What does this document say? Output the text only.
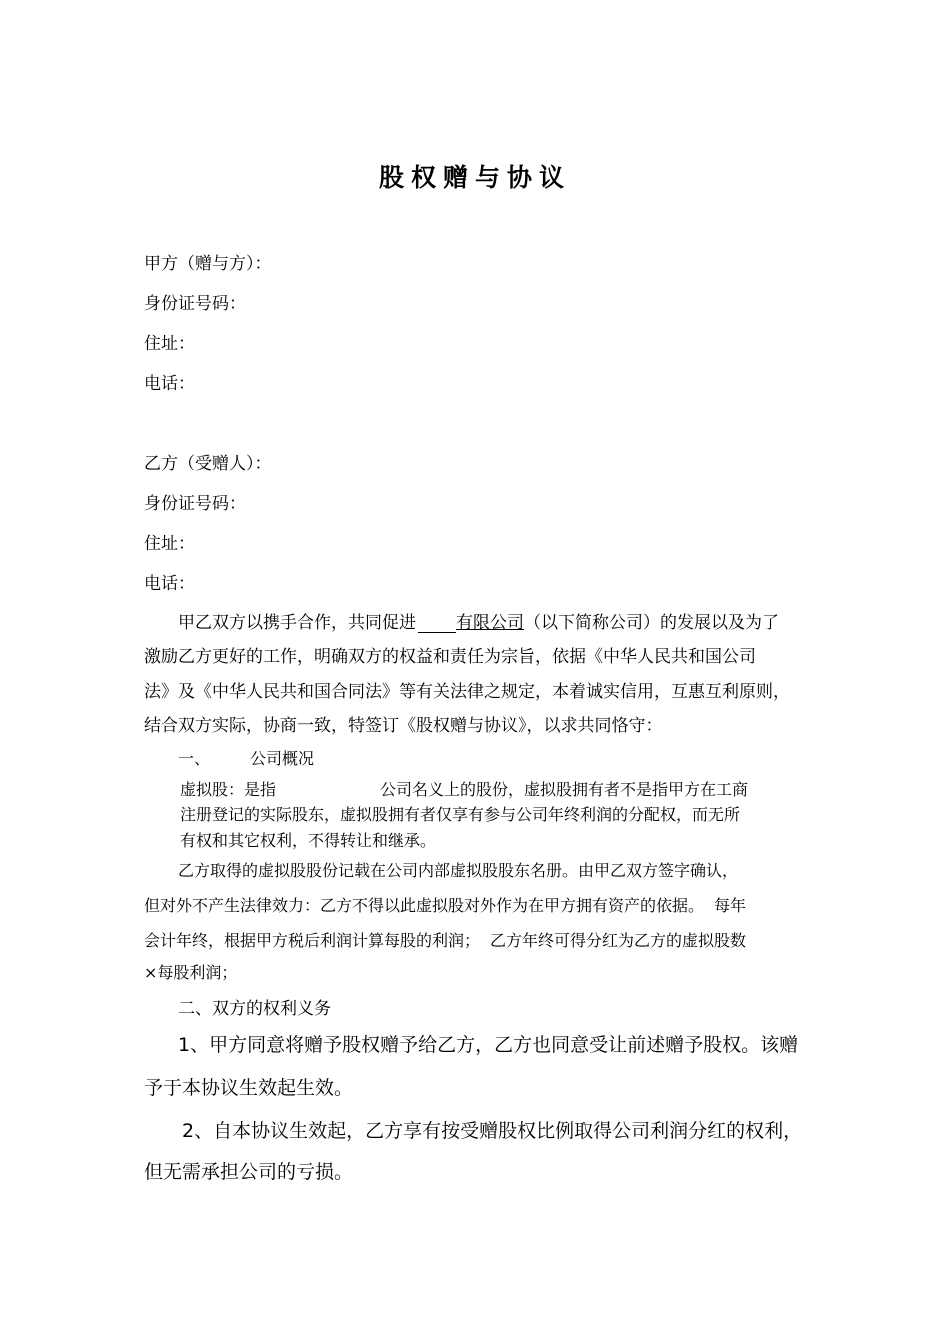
股权赠与协议
甲方（赠与方）：
身份证号码：
住址：
电话：
乙方（受赠人）：
身份证号码：
住址：
电话：
甲乙双方以携手合作，共同促进 有限公司（以下简称公司）的发展以及为了
激励乙方更好的工作，明确双方的权益和责任为宗旨，依据《中华人民共和国公司
法》及《中华人民共和国合同法》等有关法律之规定，本着诚实信用，互惠互利原则，
结合双方实际，协商一致，特签订《股权赠与协议》，以求共同恪守：
一、	公司概况
虚拟股：是指	公司名义上的股份，虚拟股拥有者不是指甲方在工商
注册登记的实际股东，虚拟股拥有者仅享有参与公司年终利润的分配权，而无所
有权和其它权利，不得转让和继承。
乙方取得的虚拟股股份记载在公司内部虚拟股股东名册。由甲乙双方签字确认，
但对外不产生法律效力：乙方不得以此虚拟股对外作为在甲方拥有资产的依据。 每年
会计年终，根据甲方税后利润计算每股的利润； 乙方年终可得分红为乙方的虚拟股数
×每股利润；
二、双方的权利义务
1、甲方同意将赠予股权赠予给乙方，乙方也同意受让前述赠予股权。该赠
予于本协议生效起生效。
2、自本协议生效起，乙方享有按受赠股权比例取得公司利润分红的权利，
但无需承担公司的亏损。
